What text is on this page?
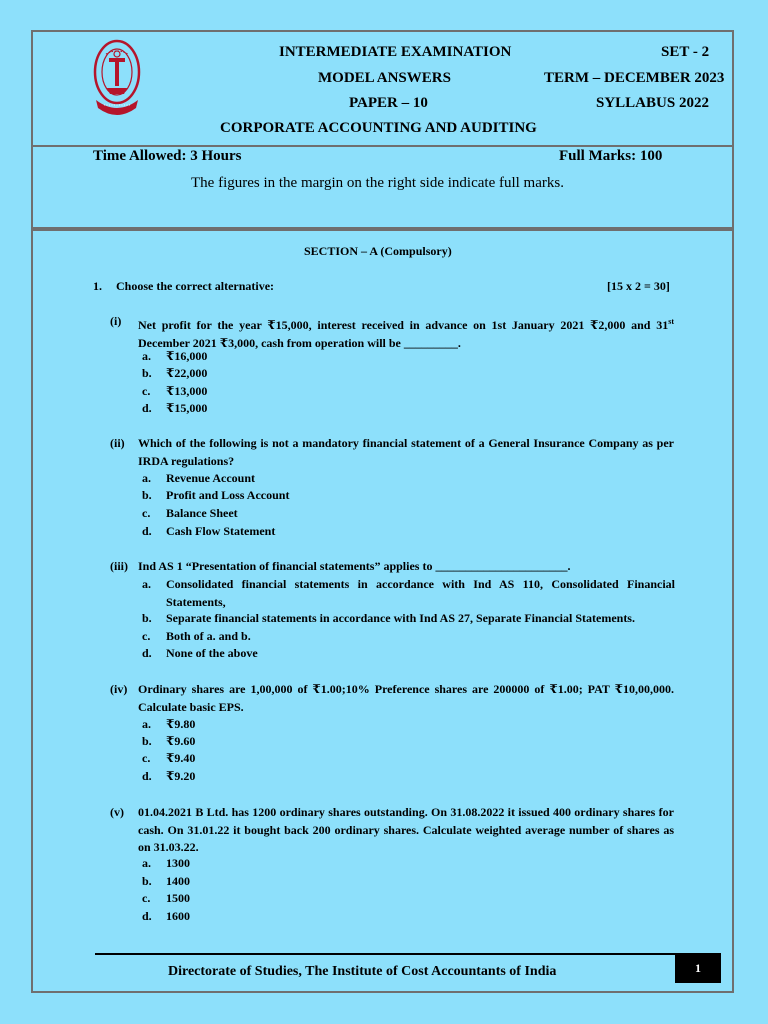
INTERMEDIATE EXAMINATION	SET - 2
MODEL ANSWERS	TERM – DECEMBER 2023
PAPER – 10	SYLLABUS 2022
CORPORATE ACCOUNTING AND AUDITING
Time Allowed: 3 Hours	Full Marks: 100
The figures in the margin on the right side indicate full marks.
SECTION – A (Compulsory)
1. Choose the correct alternative:	[15 x 2 = 30]
(i) Net profit for the year ₹15,000, interest received in advance on 1st January 2021 ₹2,000 and 31st December 2021 ₹3,000, cash from operation will be _________.
a. ₹16,000
b. ₹22,000
c. ₹13,000
d. ₹15,000
(ii) Which of the following is not a mandatory financial statement of a General Insurance Company as per IRDA regulations?
a. Revenue Account
b. Profit and Loss Account
c. Balance Sheet
d. Cash Flow Statement
(iii) Ind AS 1 “Presentation of financial statements” applies to ______________________.
a. Consolidated financial statements in accordance with Ind AS 110, Consolidated Financial Statements,
b. Separate financial statements in accordance with Ind AS 27, Separate Financial Statements.
c. Both of a. and b.
d. None of the above
(iv) Ordinary shares are 1,00,000 of ₹1.00;10% Preference shares are 200000 of ₹1.00; PAT ₹10,00,000. Calculate basic EPS.
a. ₹9.80
b. ₹9.60
c. ₹9.40
d. ₹9.20
(v) 01.04.2021 B Ltd. has 1200 ordinary shares outstanding. On 31.08.2022 it issued 400 ordinary shares for cash. On 31.01.22 it bought back 200 ordinary shares. Calculate weighted average number of shares as on 31.03.22.
a. 1300
b. 1400
c. 1500
d. 1600
Directorate of Studies, The Institute of Cost Accountants of India	1
